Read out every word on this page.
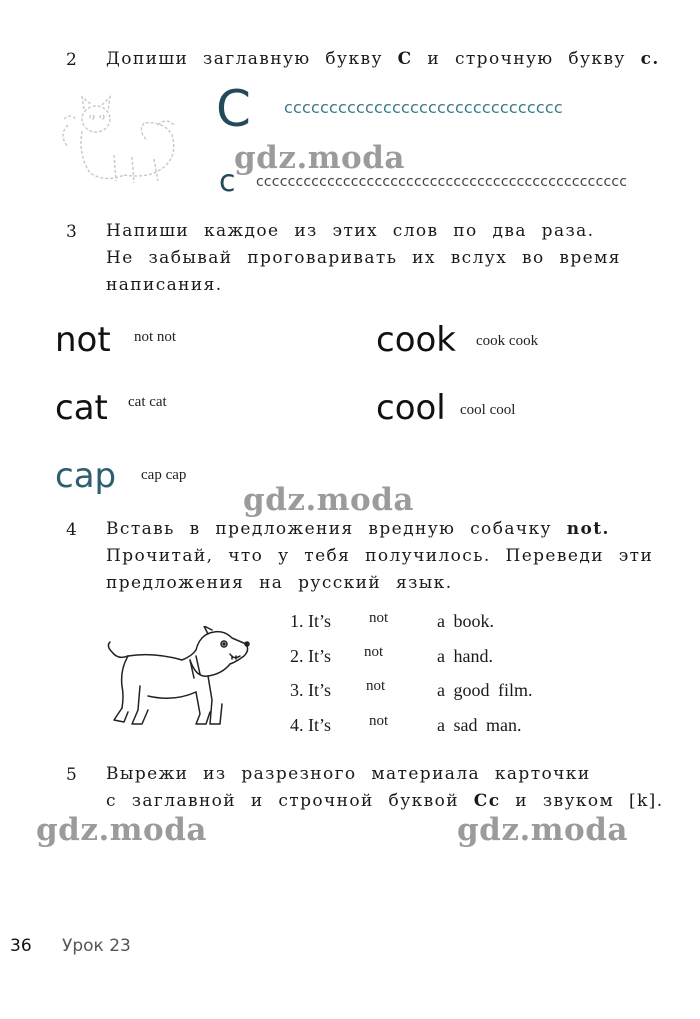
2 Допиши заглавную букву С и строчную букву с.
C ccccccccccccccccccccccccccccccc
c ccccccccccccccccccccccccccccccccccccccccccccccc
gdz.moda
3 Напиши каждое из этих слов по два раза.
Не забывай проговаривать их вслух во время
написания.
not not not	cook cook cook
cat cat cat	cool cool cool
cap cap cap
gdz.moda
4 Вставь в предложения вредную собачку not.
Прочитай, что у тебя получилось. Переведи эти
предложения на русский язык.
1. It’s	not	a book.
2. It’s not	a hand.
3. It’s not	a good film.
4. It’s	not	a sad man.
5 Вырежи из разрезного материала карточки
с заглавной и строчной буквой Cc и звуком [k].
gdz.moda	gdz.moda
36 Урок 23
